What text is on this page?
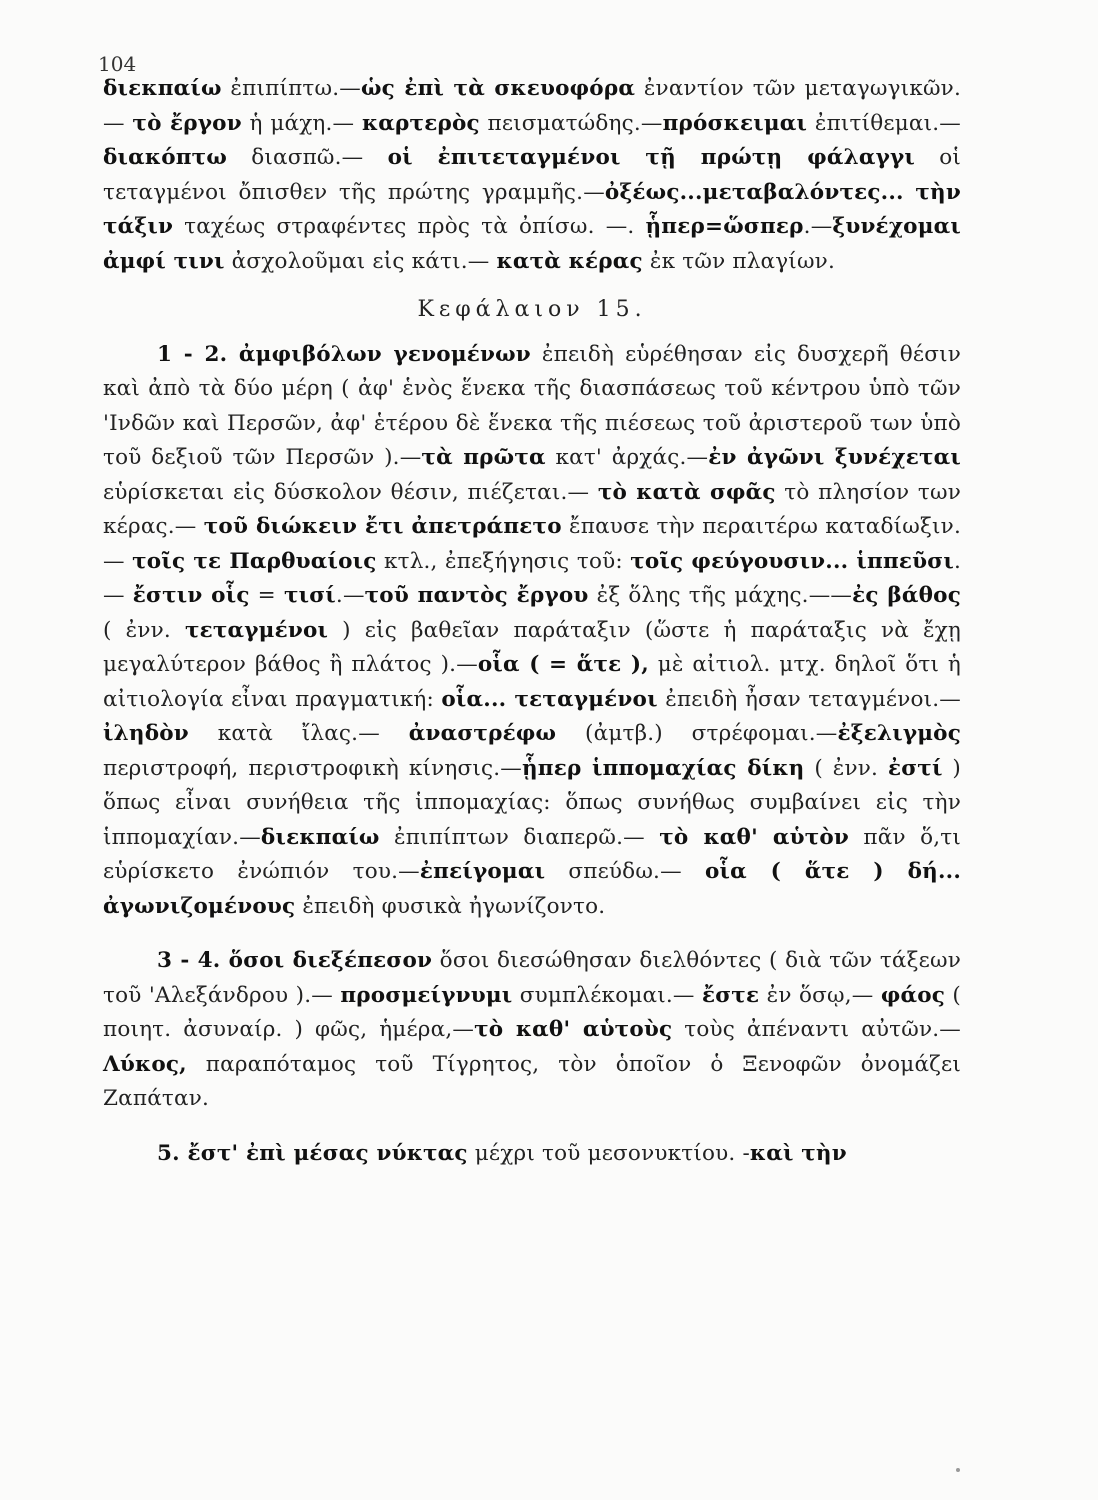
104

διεκπαίω ἐπιπίπτω.—ὡς ἐπὶ τὰ σκευοφόρα ἐναντίον τῶν μεταγωγικῶν.— τὸ ἔργον ἡ μάχη.— καρτερὸς πεισματώδης.—πρόσκειμαι ἐπιτίθεμαι.—διακόπτω διασπῶ.— οἱ ἐπιτεταγμένοι τῇ πρώτῃ φάλαγγι οἱ τεταγμένοι ὄπισθεν τῆς πρώτης γραμμῆς.—ὀξέως...μεταβαλόντες... τὴν τάξιν ταχέως στραφέντες πρὸς τὰ ὀπίσω. —. ᾗπερ=ὥσπερ.—ξυνέχομαι ἀμφί τινι ἀσχολοῦμαι εἰς κάτι.— κατὰ κέρας ἐκ τῶν πλαγίων.

Κεφάλαιον 15.

1 - 2. ἀμφιβόλων γενομένων ἐπειδὴ εὑρέθησαν εἰς δυσχερῆ θέσιν καὶ ἀπὸ τὰ δύο μέρη ( ἀφ' ἑνὸς ἕνεκα τῆς διασπάσεως τοῦ κέντρου ὑπὸ τῶν 'Ινδῶν καὶ Περσῶν, ἀφ' ἑτέρου δὲ ἕνεκα τῆς πιέσεως τοῦ ἀριστεροῦ των ὑπὸ τοῦ δεξιοῦ τῶν Περσῶν ).—τὰ πρῶτα κατ' ἀρχάς.—ἐν ἀγῶνι ξυνέχεται εὑρίσκεται εἰς δύσκολον θέσιν, πιέζεται.— τὸ κατὰ σφᾶς τὸ πλησίον των κέρας.— τοῦ διώκειν ἔτι ἀπετράπετο ἔπαυσε τὴν περαιτέρω καταδίωξιν.— τοῖς τε Παρθυαίοις κτλ., ἐπεξήγησις τοῦ: τοῖς φεύγουσιν... ἱππεῦσι.— ἔστιν οἷς = τισί.—τοῦ παντὸς ἔργου ἐξ ὅλης τῆς μάχης.——ἐς βάθος ( ἐνν. τεταγμένοι ) εἰς βαθεῖαν παράταξιν (ὥστε ἡ παράταξις νὰ ἔχῃ μεγαλύτερον βάθος ἢ πλάτος ).—οἷα ( = ἅτε ), μὲ αἰτιολ. μτχ. δηλοῖ ὅτι ἡ αἰτιολογία εἶναι πραγματική: οἷα... τεταγμένοι ἐπειδὴ ἦσαν τεταγμένοι.— ἰληδὸν κατὰ ἴλας.— ἀναστρέφω (ἀμτβ.) στρέφομαι.—ἐξελιγμὸς περιστροφή, περιστροφικὴ κίνησις.—ᾗπερ ἱππομαχίας δίκη ( ἐνν. ἐστί ) ὅπως εἶναι συνήθεια τῆς ἱππομαχίας: ὅπως συνήθως συμβαίνει εἰς τὴν ἱππομαχίαν.—διεκπαίω ἐπιπίπτων διαπερῶ.— τὸ καθ' αὑτὸν πᾶν ὅ,τι εὑρίσκετο ἐνώπιόν του.—ἐπείγομαι σπεύδω.— οἷα ( ἅτε ) δή... ἀγωνιζομένους ἐπειδὴ φυσικὰ ἠγωνίζοντο.

3 - 4. ὅσοι διεξέπεσον ὅσοι διεσώθησαν διελθόντες ( διὰ τῶν τάξεων τοῦ 'Αλεξάνδρου ).— προσμείγνυμι συμπλέκομαι.— ἔστε ἐν ὅσῳ,— φάος ( ποιητ. ἀσυναίρ. ) φῶς, ἡμέρα,—τὸ καθ' αὑτοὺς τοὺς ἀπέναντι αὐτῶν.—Λύκος, παραπόταμος τοῦ Τίγρητος, τὸν ὁποῖον ὁ Ξενοφῶν ὀνομάζει Ζαπάταν.

5. ἔστ' ἐπὶ μέσας νύκτας μέχρι τοῦ μεσονυκτίου. -καὶ τὴν
